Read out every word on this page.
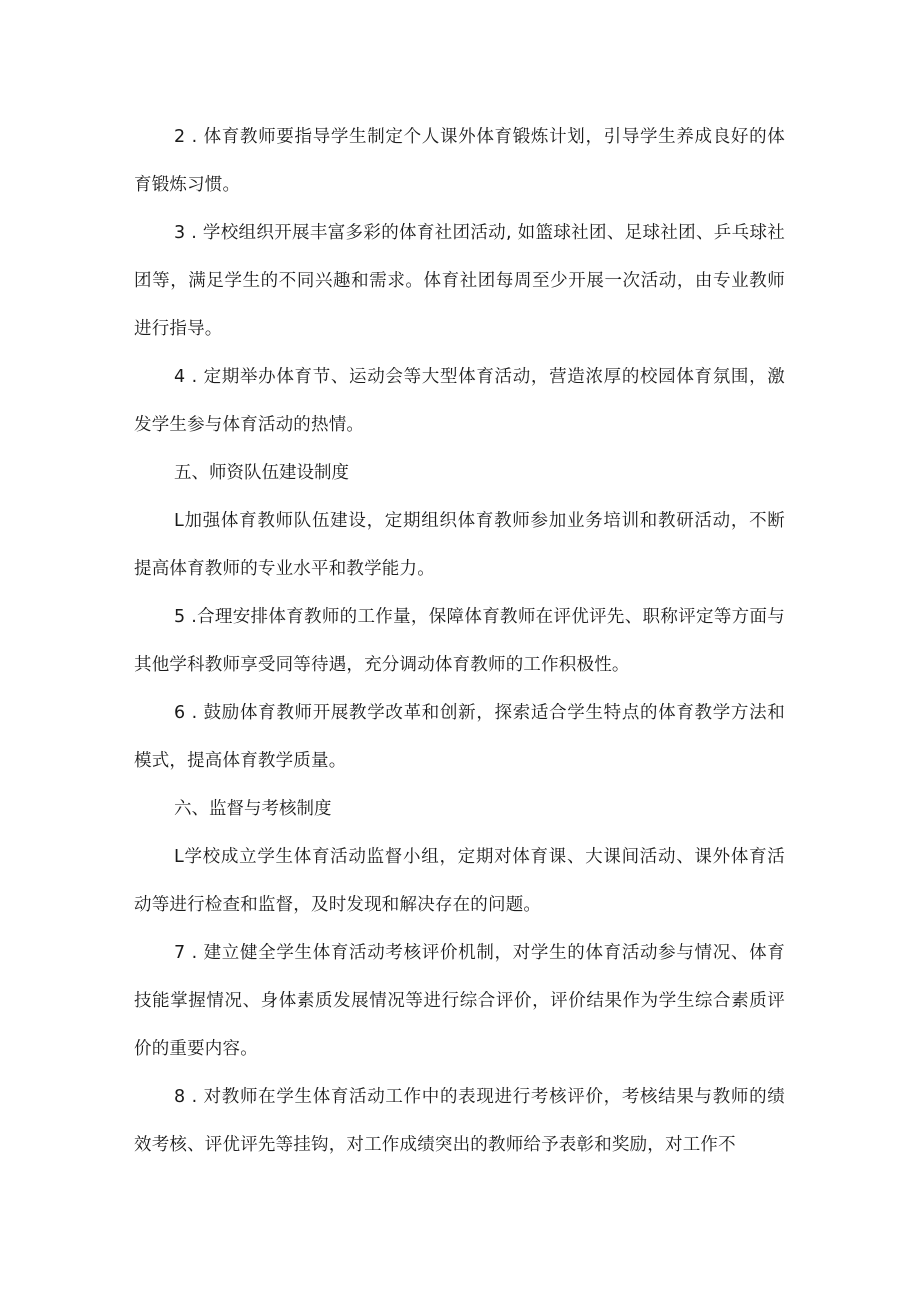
2 . 体育教师要指导学生制定个人课外体育锻炼计划，引导学生养成良好的体育锻炼习惯。

3 . 学校组织开展丰富多彩的体育社团活动, 如篮球社团、足球社团、乒乓球社团等，满足学生的不同兴趣和需求。体育社团每周至少开展一次活动，由专业教师进行指导。

4 . 定期举办体育节、运动会等大型体育活动，营造浓厚的校园体育氛围，激发学生参与体育活动的热情。

五、师资队伍建设制度

L加强体育教师队伍建设，定期组织体育教师参加业务培训和教研活动，不断提高体育教师的专业水平和教学能力。

5 .合理安排体育教师的工作量，保障体育教师在评优评先、职称评定等方面与其他学科教师享受同等待遇，充分调动体育教师的工作积极性。

6 . 鼓励体育教师开展教学改革和创新，探索适合学生特点的体育教学方法和模式，提高体育教学质量。

六、监督与考核制度

L学校成立学生体育活动监督小组，定期对体育课、大课间活动、课外体育活动等进行检查和监督，及时发现和解决存在的问题。

7 . 建立健全学生体育活动考核评价机制，对学生的体育活动参与情况、体育技能掌握情况、身体素质发展情况等进行综合评价，评价结果作为学生综合素质评价的重要内容。

8 . 对教师在学生体育活动工作中的表现进行考核评价，考核结果与教师的绩效考核、评优评先等挂钩，对工作成绩突出的教师给予表彰和奖励，对工作不
